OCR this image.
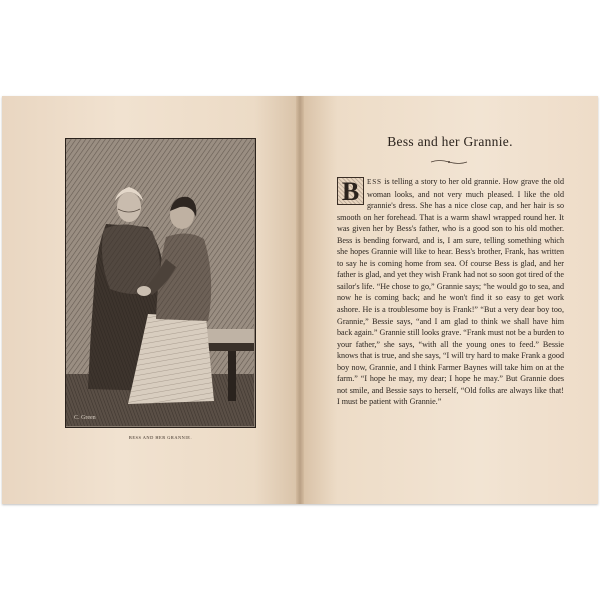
C. Green
BESS AND HER GRANNIE.
Bess and her Grannie.
B	ESS is telling a story to her old grannie. How grave the old woman looks, and not very much pleased. I like the old grannie's dress. She has a nice close cap, and her hair is so smooth on her forehead. That is a warm shawl wrapped round her. It was given her by Bess's father, who is a good son to his old mother. Bess is bending forward, and is, I am sure, telling something which she hopes Grannie will like to hear. Bess's brother, Frank, has written to say he is coming home from sea. Of course Bess is glad, and her father is glad, and yet they wish Frank had not so soon got tired of the sailor's life. “He chose to go,” Grannie says; “he would go to sea, and now he is coming back; and he won't find it so easy to get work ashore. He is a troublesome boy is Frank!” “But a very dear boy too, Grannie,” Bessie says, “and I am glad to think we shall have him back again.” Grannie still looks grave. “Frank must not be a burden to your father,” she says, “with all the young ones to feed.” Bessie knows that is true, and she says, “I will try hard to make Frank a good boy now, Grannie, and I think Farmer Baynes will take him on at the farm.” “I hope he may, my dear; I hope he may.” But Grannie does not smile, and Bessie says to herself, “Old folks are always like that! I must be patient with Grannie.”
